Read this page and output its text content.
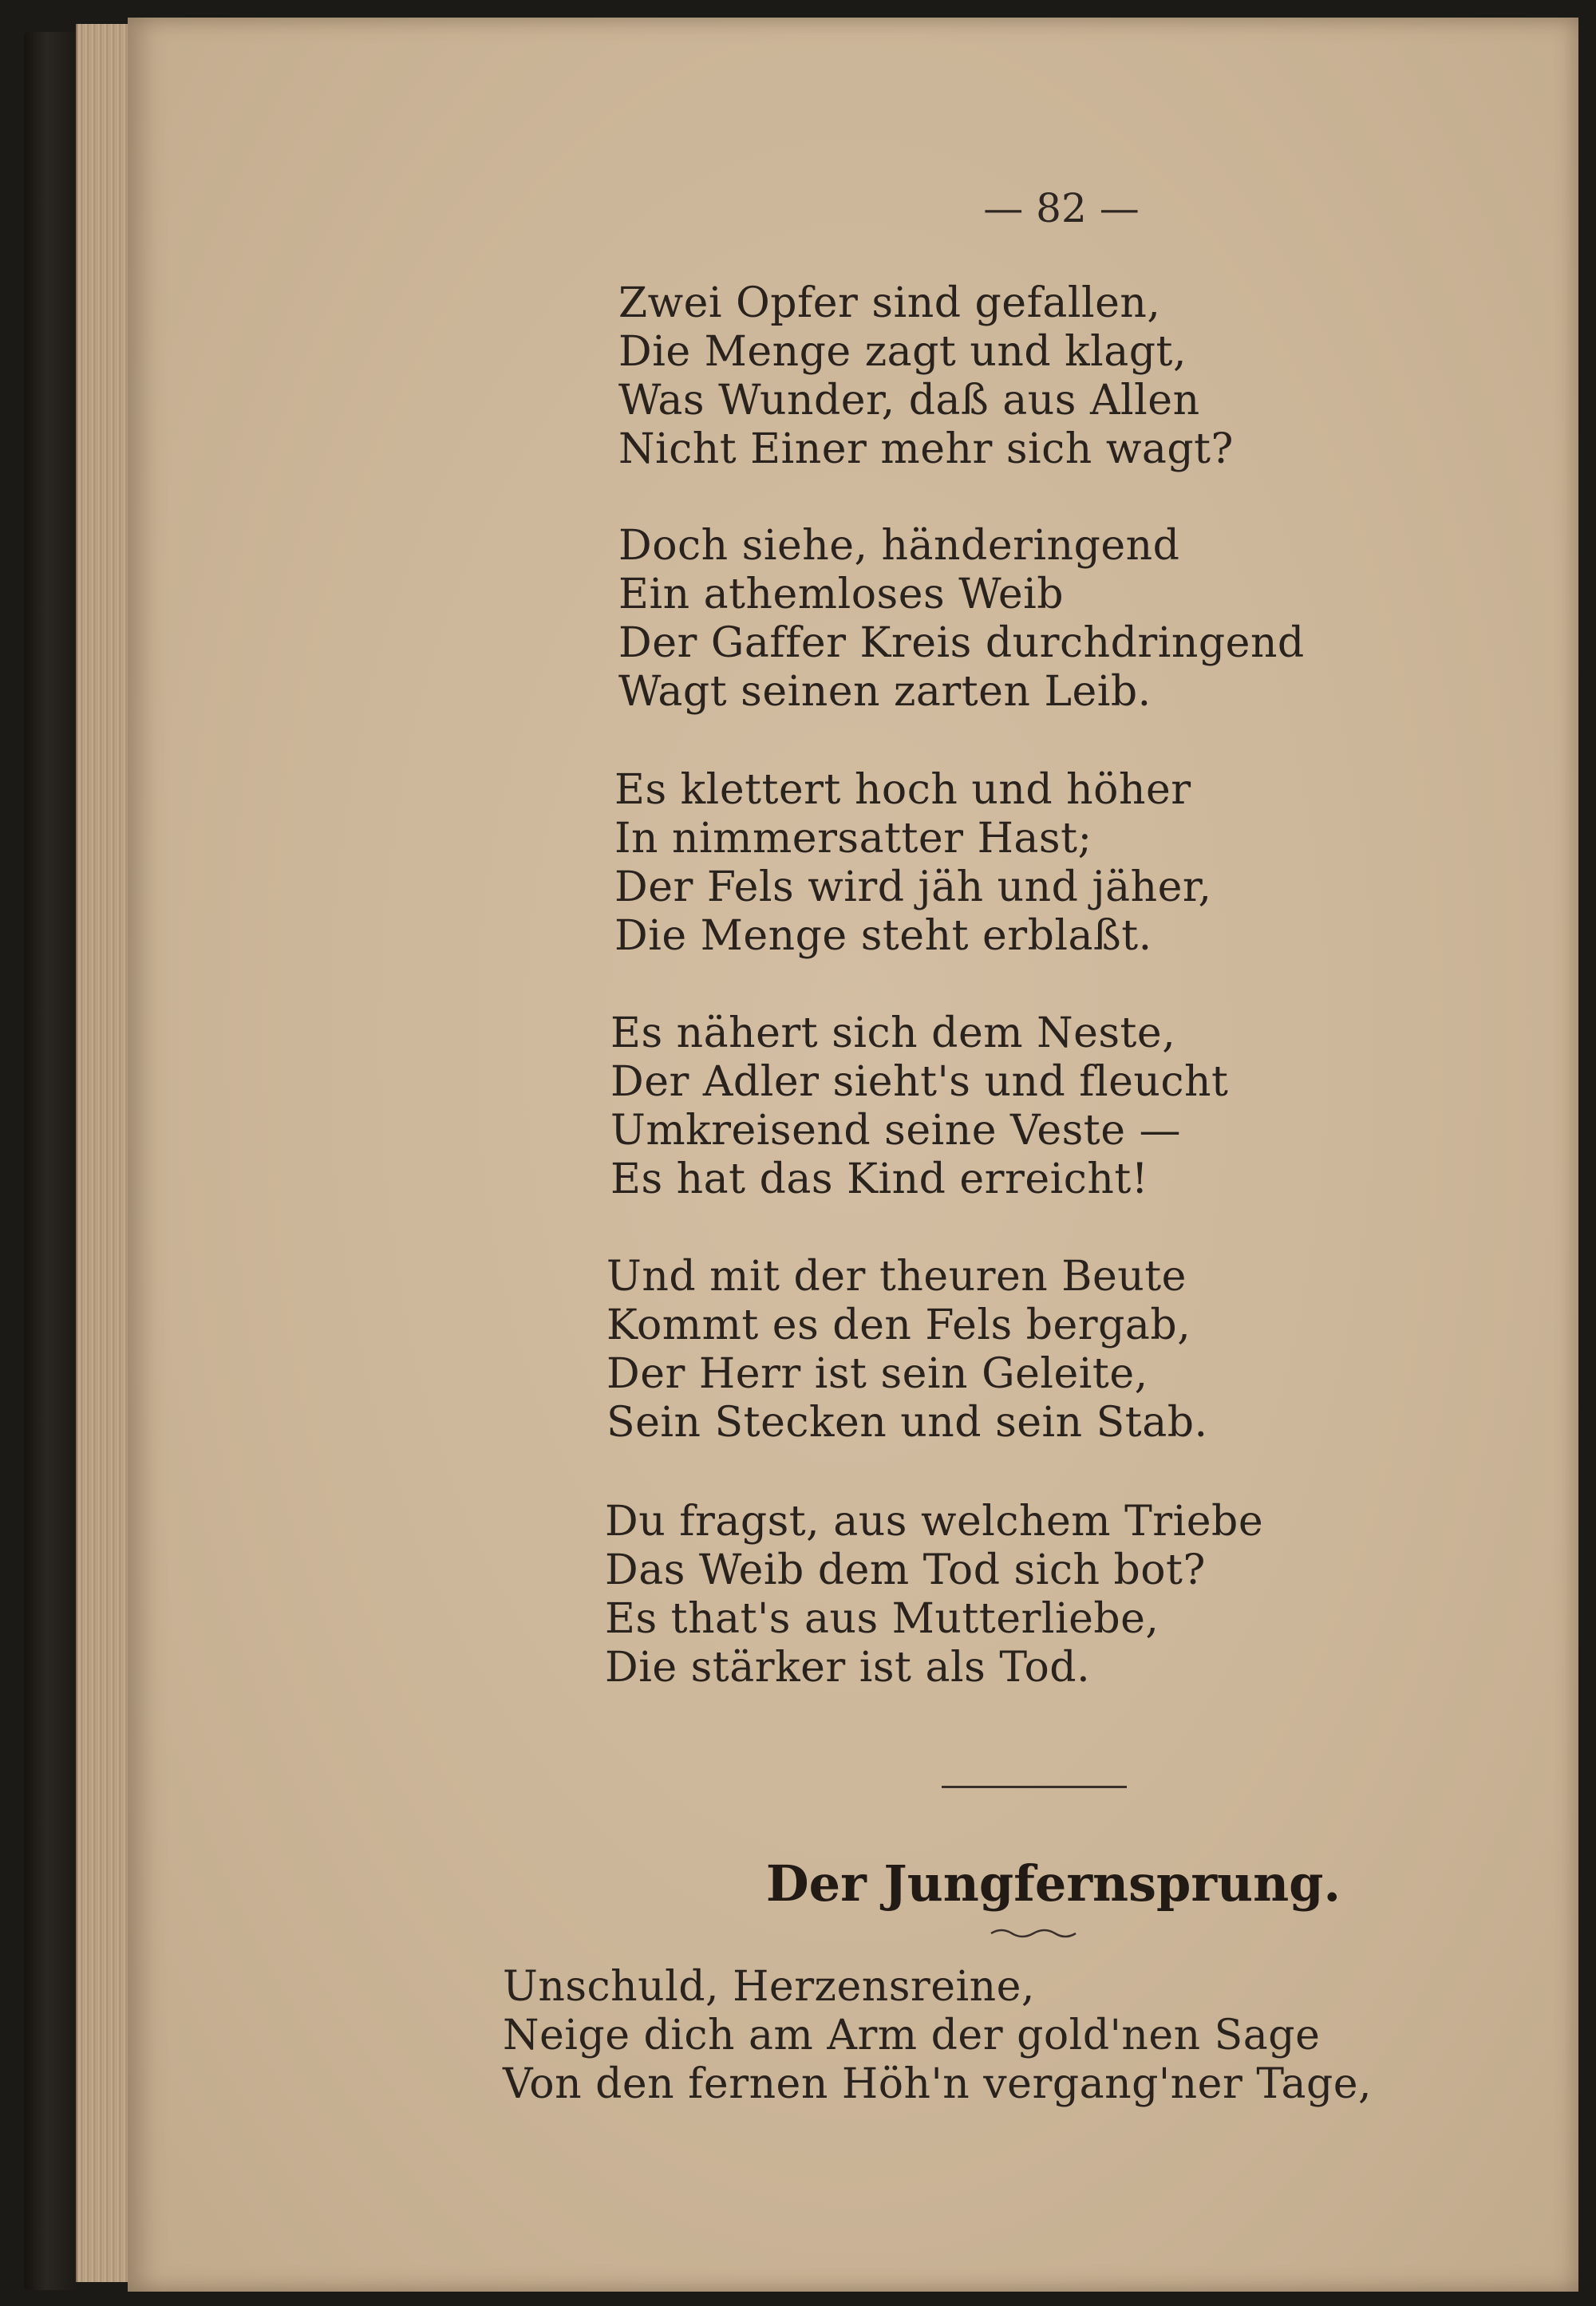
— 82 —

Zwei Opfer sind gefallen,
Die Menge zagt und klagt,
Was Wunder, daß aus Allen
Nicht Einer mehr sich wagt?

Doch siehe, händeringend
Ein athemloses Weib
Der Gaffer Kreis durchdringend
Wagt seinen zarten Leib.

Es klettert hoch und höher
In nimmersatter Hast;
Der Fels wird jäh und jäher,
Die Menge steht erblaßt.

Es nähert sich dem Neste,
Der Adler sieht's und fleucht
Umkreisend seine Veste —
Es hat das Kind erreicht!

Und mit der theuren Beute
Kommt es den Fels bergab,
Der Herr ist sein Geleite,
Sein Stecken und sein Stab.

Du fragst, aus welchem Triebe
Das Weib dem Tod sich bot?
Es that's aus Mutterliebe,
Die stärker ist als Tod.

Der Jungfernsprung.

Unschuld, Herzensreine,
Neige dich am Arm der gold'nen Sage
Von den fernen Höh'n vergang'ner Tage,
